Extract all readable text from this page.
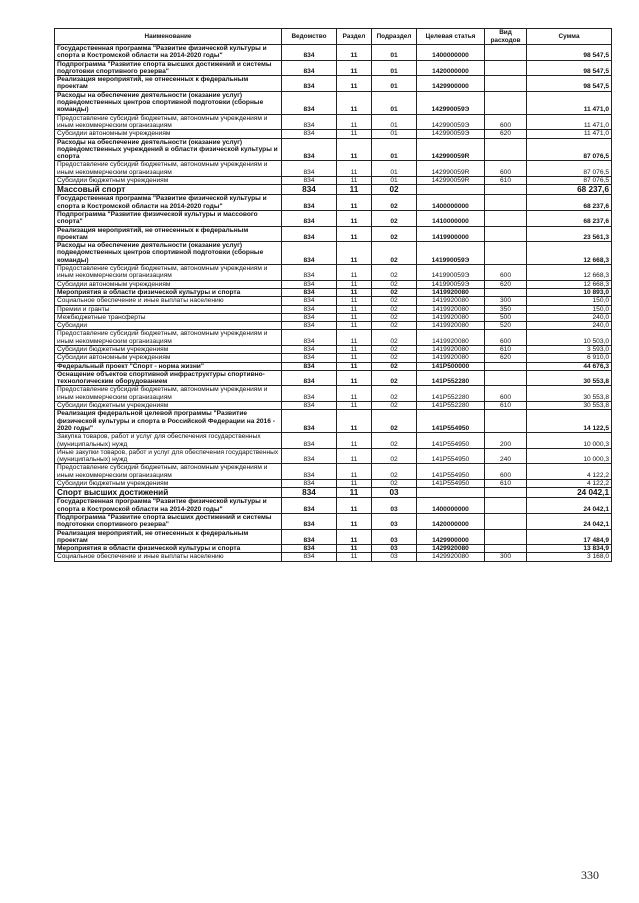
Наименование	Ведомство	Раздел	Подраздел	Целевая статья	Вид расходов	Сумма
Государственная программа "Развитие физической культуры и спорта в Костромской области на 2014-2020 годы"	834	11	01	1400000000		98 547,5
Подпрограмма "Развитие спорта высших достижений и системы подготовки спортивного резерва"	834	11	01	1420000000		98 547,5
Реализация мероприятий, не отнесенных к федеральным проектам	834	11	01	1429900000		98 547,5
Расходы на обеспечение деятельности (оказание услуг) подведомственных центров спортивной подготовки (сборные команды)	834	11	01	142990059Э		11 471,0
Предоставление субсидий бюджетным, автономным учреждениям и иным некоммерческим организациям	834	11	01	142990059Э	600	11 471,0
Субсидии автономным учреждениям	834	11	01	142990059Э	620	11 471,0
Расходы на обеспечение деятельности (оказание услуг) подведомственных учреждений в области физической культуры и спорта	834	11	01	142990059R		87 076,5
Предоставление субсидий бюджетным, автономным учреждениям и иным некоммерческим организациям	834	11	01	142990059R	600	87 076,5
Субсидии бюджетным учреждениям	834	11	01	142990059R	610	87 076,5
Массовый спорт	834	11	02			68 237,6
Государственная программа "Развитие физической культуры и спорта в Костромской области на 2014-2020 годы"	834	11	02	1400000000		68 237,6
Подпрограмма "Развитие физической культуры и массового спорта"	834	11	02	1410000000		68 237,6
Реализация мероприятий, не отнесенных к федеральным проектам	834	11	02	1419900000		23 561,3
Расходы на обеспечение деятельности (оказание услуг) подведомственных центров спортивной подготовки (сборные команды)	834	11	02	141990059Э		12 668,3
Предоставление субсидий бюджетным, автономным учреждениям и иным некоммерческим организациям	834	11	02	141990059Э	600	12 668,3
Субсидии автономным учреждениям	834	11	02	141990059Э	620	12 668,3
Мероприятия в области физической культуры и спорта	834	11	02	1419920080		10 893,0
Социальное обеспечение и иные выплаты населению	834	11	02	1419920080	300	150,0
Премии и гранты	834	11	02	1419920080	350	150,0
Межбюджетные трансферты	834	11	02	1419920080	500	240,0
Субсидии	834	11	02	1419920080	520	240,0
Предоставление субсидий бюджетным, автономным учреждениям и иным некоммерческим организациям	834	11	02	1419920080	600	10 503,0
Субсидии бюджетным учреждениям	834	11	02	1419920080	610	3 593,0
Субсидии автономным учреждениям	834	11	02	1419920080	620	6 910,0
Федеральный проект "Спорт - норма жизни"	834	11	02	141P500000		44 676,3
Оснащение объектов спортивной инфраструктуры спортивно-технологическим оборудованием	834	11	02	141P552280		30 553,8
Предоставление субсидий бюджетным, автономным учреждениям и иным некоммерческим организациям	834	11	02	141P552280	600	30 553,8
Субсидии бюджетным учреждениям	834	11	02	141P552280	610	30 553,8
Реализация федеральной целевой программы "Развитие физической культуры и спорта в Российской Федерации на 2016 - 2020 годы"	834	11	02	141P554950		14 122,5
Закупка товаров, работ и услуг для обеспечения государственных (муниципальных) нужд	834	11	02	141P554950	200	10 000,3
Иные закупки товаров, работ и услуг для обеспечения государственных (муниципальных) нужд	834	11	02	141P554950	240	10 000,3
Предоставление субсидий бюджетным, автономным учреждениям и иным некоммерческим организациям	834	11	02	141P554950	600	4 122,2
Субсидии бюджетным учреждениям	834	11	02	141P554950	610	4 122,2
Спорт высших достижений	834	11	03			24 042,1
Государственная программа "Развитие физической культуры и спорта в Костромской области на 2014-2020 годы"	834	11	03	1400000000		24 042,1
Подпрограмма "Развитие спорта высших достижений и системы подготовки спортивного резерва"	834	11	03	1420000000		24 042,1
Реализация мероприятий, не отнесенных к федеральным проектам	834	11	03	1429900000		17 484,9
Мероприятия в области физической культуры и спорта	834	11	03	1429920080		13 834,9
Социальное обеспечение и иные выплаты населению	834	11	03	1429920080	300	3 168,0
330
